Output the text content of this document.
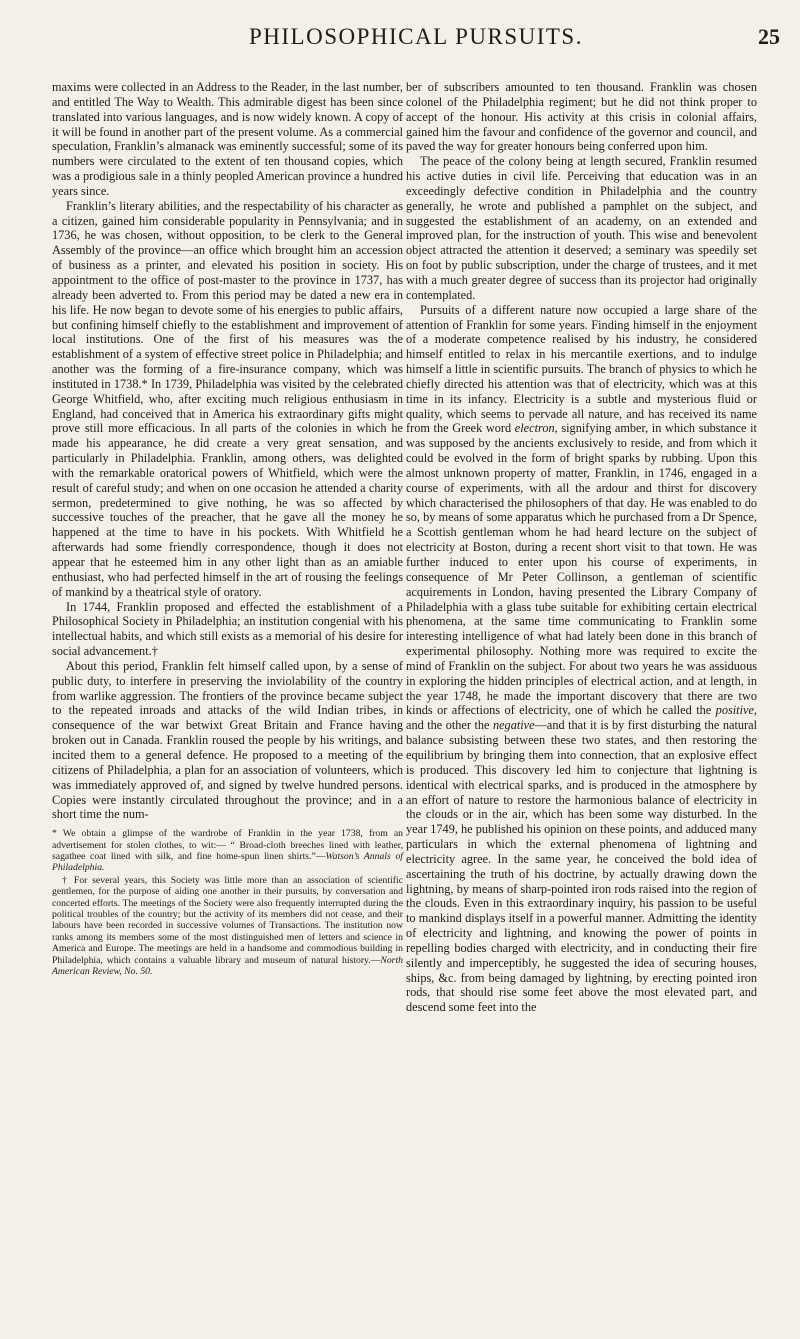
PHILOSOPHICAL PURSUITS.	25

maxims were collected in an Address to the Reader, in the last number, and entitled The Way to Wealth. This admirable digest has been since translated into various languages, and is now widely known. A copy of it will be found in another part of the present volume. As a commercial speculation, Franklin’s almanack was eminently successful; some of its numbers were circulated to the extent of ten thousand copies, which was a prodigious sale in a thinly peopled American province a hundred years since.

Franklin’s literary abilities, and the respectability of his character as a citizen, gained him considerable popularity in Pennsylvania; and in 1736, he was chosen, without opposition, to be clerk to the General Assembly of the province—an office which brought him an accession of business as a printer, and elevated his position in society. His appointment to the office of post-master to the province in 1737, has already been adverted to. From this period may be dated a new era in his life. He now began to devote some of his energies to public affairs, but confining himself chiefly to the establishment and improvement of local institutions. One of the first of his measures was the establishment of a system of effective street police in Philadelphia; and another was the forming of a fire-insurance company, which was instituted in 1738.* In 1739, Philadelphia was visited by the celebrated George Whitfield, who, after exciting much religious enthusiasm in England, had conceived that in America his extraordinary gifts might prove still more efficacious. In all parts of the colonies in which he made his appearance, he did create a very great sensation, and particularly in Philadelphia. Franklin, among others, was delighted with the remarkable oratorical powers of Whitfield, which were the result of careful study; and when on one occasion he attended a charity sermon, predetermined to give nothing, he was so affected by successive touches of the preacher, that he gave all the money he happened at the time to have in his pockets. With Whitfield he afterwards had some friendly correspondence, though it does not appear that he esteemed him in any other light than as an amiable enthusiast, who had perfected himself in the art of rousing the feelings of mankind by a theatrical style of oratory.

In 1744, Franklin proposed and effected the establishment of a Philosophical Society in Philadelphia; an institution congenial with his intellectual habits, and which still exists as a memorial of his desire for social advancement.†

About this period, Franklin felt himself called upon, by a sense of public duty, to interfere in preserving the inviolability of the country from warlike aggression. The frontiers of the province became subject to the repeated inroads and attacks of the wild Indian tribes, in consequence of the war betwixt Great Britain and France having broken out in Canada. Franklin roused the people by his writings, and incited them to a general defence. He proposed to a meeting of the citizens of Philadelphia, a plan for an association of volunteers, which was immediately approved of, and signed by twelve hundred persons. Copies were instantly circulated throughout the province; and in a short time the num-

* We obtain a glimpse of the wardrobe of Franklin in the year 1738, from an advertisement for stolen clothes, to wit:— “ Broad-cloth breeches lined with leather, sagathee coat lined with silk, and fine home-spun linen shirts.”—Watson’s Annals of Philadelphia.

† For several years, this Society was little more than an association of scientific gentlemen, for the purpose of aiding one another in their pursuits, by conversation and concerted efforts. The meetings of the Society were also frequently interrupted during the political troubles of the country; but the activity of its members did not cease, and their labours have been recorded in successive volumes of Transactions. The institution now ranks among its members some of the most distinguished men of letters and science in America and Europe. The meetings are held in a handsome and commodious building in Philadelphia, which contains a valuable library and museum of natural history.—North American Review, No. 50.

ber of subscribers amounted to ten thousand. Franklin was chosen colonel of the Philadelphia regiment; but he did not think proper to accept of the honour. His activity at this crisis in colonial affairs, gained him the favour and confidence of the governor and council, and paved the way for greater honours being conferred upon him.

The peace of the colony being at length secured, Franklin resumed his active duties in civil life. Perceiving that education was in an exceedingly defective condition in Philadelphia and the country generally, he wrote and published a pamphlet on the subject, and suggested the establishment of an academy, on an extended and improved plan, for the instruction of youth. This wise and benevolent object attracted the attention it deserved; a seminary was speedily set on foot by public subscription, under the charge of trustees, and it met with a much greater degree of success than its projector had originally contemplated.

Pursuits of a different nature now occupied a large share of the attention of Franklin for some years. Finding himself in the enjoyment of a moderate competence realised by his industry, he considered himself entitled to relax in his mercantile exertions, and to indulge himself a little in scientific pursuits. The branch of physics to which he chiefly directed his attention was that of electricity, which was at this time in its infancy. Electricity is a subtle and mysterious fluid or quality, which seems to pervade all nature, and has received its name from the Greek word electron, signifying amber, in which substance it was supposed by the ancients exclusively to reside, and from which it could be evolved in the form of bright sparks by rubbing. Upon this almost unknown property of matter, Franklin, in 1746, engaged in a course of experiments, with all the ardour and thirst for discovery which characterised the philosophers of that day. He was enabled to do so, by means of some apparatus which he purchased from a Dr Spence, a Scottish gentleman whom he had heard lecture on the subject of electricity at Boston, during a recent short visit to that town. He was further induced to enter upon his course of experiments, in consequence of Mr Peter Collinson, a gentleman of scientific acquirements in London, having presented the Library Company of Philadelphia with a glass tube suitable for exhibiting certain electrical phenomena, at the same time communicating to Franklin some interesting intelligence of what had lately been done in this branch of experimental philosophy. Nothing more was required to excite the mind of Franklin on the subject. For about two years he was assiduous in exploring the hidden principles of electrical action, and at length, in the year 1748, he made the important discovery that there are two kinds or affections of electricity, one of which he called the positive, and the other the negative—and that it is by first disturbing the natural balance subsisting between these two states, and then restoring the equilibrium by bringing them into connection, that an explosive effect is produced. This discovery led him to conjecture that lightning is identical with electrical sparks, and is produced in the atmosphere by an effort of nature to restore the harmonious balance of electricity in the clouds or in the air, which has been some way disturbed. In the year 1749, he published his opinion on these points, and adduced many particulars in which the external phenomena of lightning and electricity agree. In the same year, he conceived the bold idea of ascertaining the truth of his doctrine, by actually drawing down the lightning, by means of sharp-pointed iron rods raised into the region of the clouds. Even in this extraordinary inquiry, his passion to be useful to mankind displays itself in a powerful manner. Admitting the identity of electricity and lightning, and knowing the power of points in repelling bodies charged with electricity, and in conducting their fire silently and imperceptibly, he suggested the idea of securing houses, ships, &c. from being damaged by lightning, by erecting pointed iron rods, that should rise some feet above the most elevated part, and descend some feet into the
